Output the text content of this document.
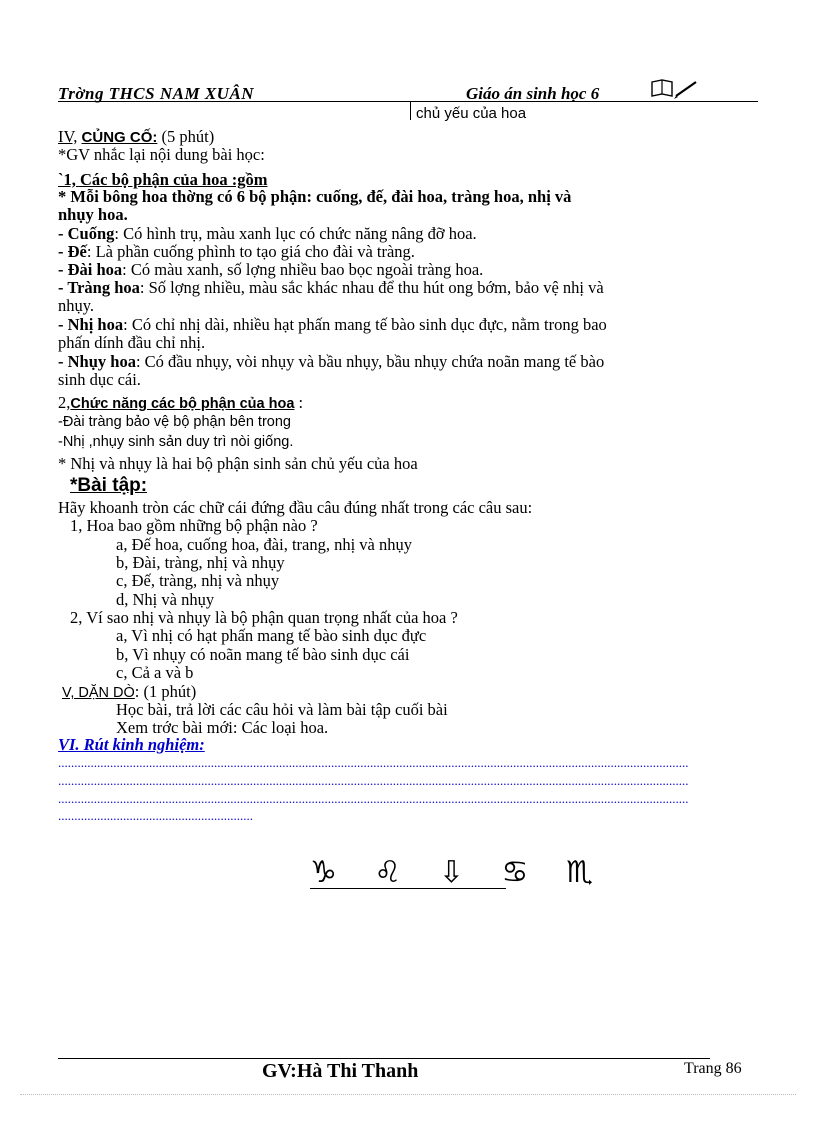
Trờng THCS NAM XUÂN	Giáo án sinh học 6
chủ yếu của hoa
IV, CỦNG CỐ: (5 phút)
*GV nhắc lại nội dung bài học:
`1, Các bộ phận của hoa :gồm
* Mỗi bông hoa thờng có 6 bộ phận: cuống, đế, đài hoa, tràng hoa, nhị và
nhụy hoa.
- Cuống: Có hình trụ, màu xanh lục có chức năng nâng đỡ hoa.
- Đế: Là phần cuống phình to tạo giá cho đài và tràng.
- Đài hoa: Có màu xanh, số lợng nhiều bao bọc ngoài tràng hoa.
- Tràng hoa: Số lợng nhiều, màu sắc khác nhau để thu hút ong bớm, bảo vệ nhị và
nhụy.
- Nhị hoa: Có chỉ nhị dài, nhiều hạt phấn mang tế bào sinh dục đực, nằm trong bao
phấn dính đầu chỉ nhị.
- Nhụy hoa: Có đầu nhụy, vòi nhụy và bầu nhụy, bầu nhụy chứa noãn mang tế bào
sinh dục cái.
2,Chức năng các bộ phận của hoa :
-Đài tràng bảo vệ bộ phận bên trong
-Nhị ,nhụy sinh sản duy trì nòi giống.
* Nhị và nhụy là hai bộ phận sinh sản chủ yếu của hoa
*Bài tập:
Hãy khoanh tròn các chữ cái đứng đầu câu đúng nhất trong các câu sau:
1, Hoa bao gồm những bộ phận nào ?
a, Đế hoa, cuống hoa, đài, trang, nhị và nhụy
b, Đài, tràng, nhị và nhụy
c, Đế, tràng, nhị và nhụy
d, Nhị và nhụy
2, Ví sao nhị và nhụy là bộ phận quan trọng nhất của hoa ?
a, Vì nhị có hạt phấn mang tế bào sinh dục đực
b, Vì nhụy có noãn mang tế bào sinh dục cái
c, Cả a và b
V, DẶN DÒ: (1 phút)
Học bài, trả lời các câu hỏi và làm bài tập cuối bài
Xem trớc bài mới: Các loại hoa.
VI. Rút kinh nghiệm:
..................................................................................................................................................................................................
..................................................................................................................................................................................................
..................................................................................................................................................................................................
............................................................
♑ ♌ ⇩ ♋ ♏
GV:Hà Thi Thanh	Trang 86
